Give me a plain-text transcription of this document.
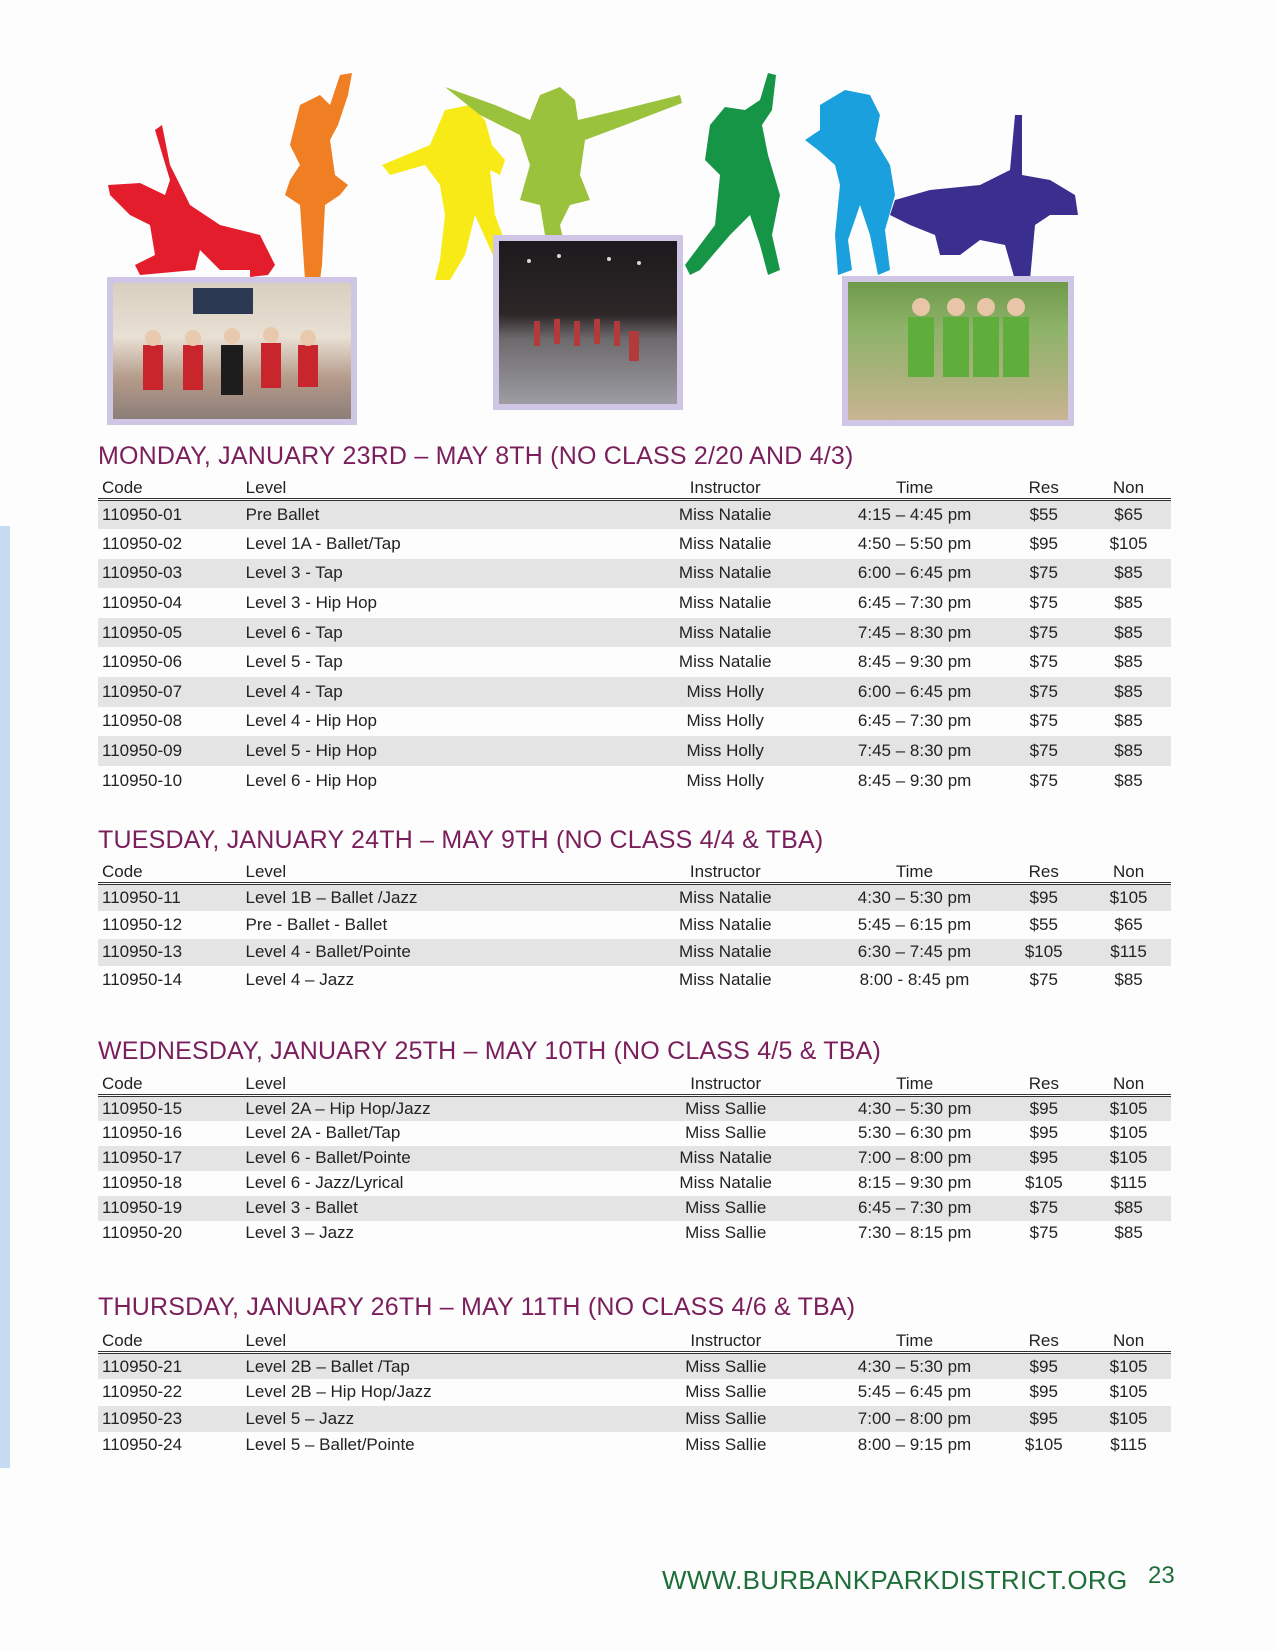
MONDAY, JANUARY 23RD – MAY 8TH (NO CLASS 2/20 AND 4/3)
Code	Level	Instructor	Time	Res	Non
110950-01	Pre Ballet	Miss Natalie	4:15 – 4:45 pm	$55	$65
110950-02	Level 1A - Ballet/Tap	Miss Natalie	4:50 – 5:50 pm	$95	$105
110950-03	Level 3 - Tap	Miss Natalie	6:00 – 6:45 pm	$75	$85
110950-04	Level 3 - Hip Hop	Miss Natalie	6:45 – 7:30 pm	$75	$85
110950-05	Level 6 - Tap	Miss Natalie	7:45 – 8:30 pm	$75	$85
110950-06	Level 5 - Tap	Miss Natalie	8:45 – 9:30 pm	$75	$85
110950-07	Level 4 - Tap	Miss Holly	6:00 – 6:45 pm	$75	$85
110950-08	Level 4 - Hip Hop	Miss Holly	6:45 – 7:30 pm	$75	$85
110950-09	Level 5 - Hip Hop	Miss Holly	7:45 – 8:30 pm	$75	$85
110950-10	Level 6 - Hip Hop	Miss Holly	8:45 – 9:30 pm	$75	$85
TUESDAY, JANUARY 24TH – MAY 9TH (NO CLASS 4/4 & TBA)
Code	Level	Instructor	Time	Res	Non
110950-11	Level 1B – Ballet /Jazz	Miss Natalie	4:30 – 5:30 pm	$95	$105
110950-12	Pre - Ballet - Ballet	Miss Natalie	5:45 – 6:15 pm	$55	$65
110950-13	Level 4 - Ballet/Pointe	Miss Natalie	6:30 – 7:45 pm	$105	$115
110950-14	Level 4 – Jazz	Miss Natalie	8:00 - 8:45 pm	$75	$85
WEDNESDAY, JANUARY 25TH – MAY 10TH (NO CLASS 4/5 & TBA)
Code	Level	Instructor	Time	Res	Non
110950-15	Level 2A – Hip Hop/Jazz	Miss Sallie	4:30 – 5:30 pm	$95	$105
110950-16	Level 2A - Ballet/Tap	Miss Sallie	5:30 – 6:30 pm	$95	$105
110950-17	Level 6 - Ballet/Pointe	Miss Natalie	7:00 – 8:00 pm	$95	$105
110950-18	Level 6 - Jazz/Lyrical	Miss Natalie	8:15 – 9:30 pm	$105	$115
110950-19	Level 3 - Ballet	Miss Sallie	6:45 – 7:30 pm	$75	$85
110950-20	Level 3 – Jazz	Miss Sallie	7:30 – 8:15 pm	$75	$85
THURSDAY, JANUARY 26TH – MAY 11TH (NO CLASS 4/6 & TBA)
Code	Level	Instructor	Time	Res	Non
110950-21	Level 2B – Ballet /Tap	Miss Sallie	4:30 – 5:30 pm	$95	$105
110950-22	Level 2B – Hip Hop/Jazz	Miss Sallie	5:45 – 6:45 pm	$95	$105
110950-23	Level 5 – Jazz	Miss Sallie	7:00 – 8:00 pm	$95	$105
110950-24	Level 5 – Ballet/Pointe	Miss Sallie	8:00 – 9:15 pm	$105	$115
WWW.BURBANKPARKDISTRICT.ORG 23
